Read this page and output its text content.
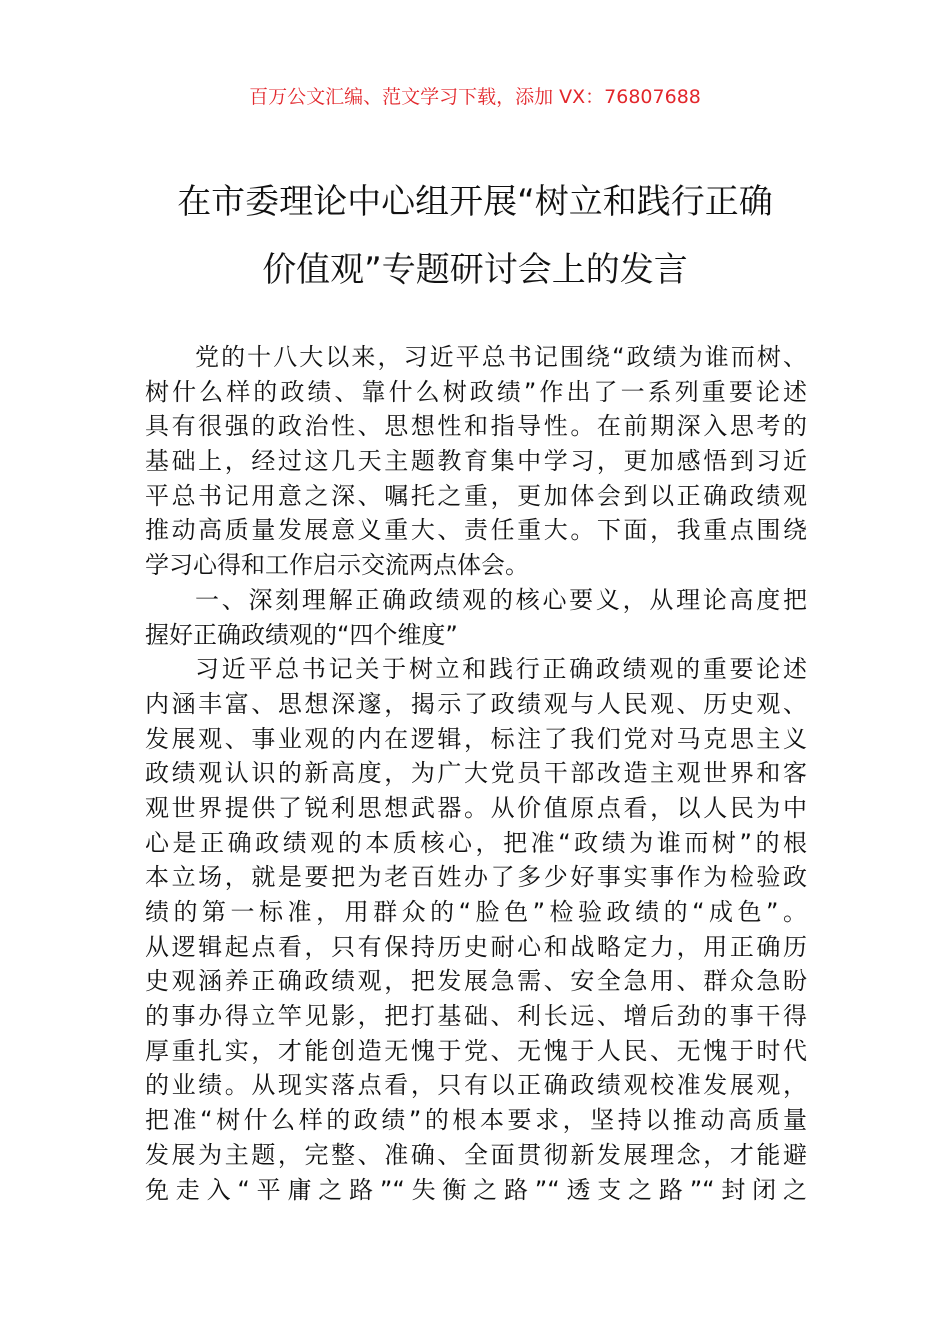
百万公文汇编、范文学习下载，添加 VX：76807688
在市委理论中心组开展“树立和践行正确
价值观”专题研讨会上的发言
党的十八大以来，习近平总书记围绕“政绩为谁而树、
树什么样的政绩、靠什么树政绩”作出了一系列重要论述
具有很强的政治性、思想性和指导性。在前期深入思考的
基础上，经过这几天主题教育集中学习，更加感悟到习近
平总书记用意之深、嘱托之重，更加体会到以正确政绩观
推动高质量发展意义重大、责任重大。下面，我重点围绕
学习心得和工作启示交流两点体会。
一、深刻理解正确政绩观的核心要义，从理论高度把
握好正确政绩观的“四个维度”
习近平总书记关于树立和践行正确政绩观的重要论述
内涵丰富、思想深邃，揭示了政绩观与人民观、历史观、
发展观、事业观的内在逻辑，标注了我们党对马克思主义
政绩观认识的新高度，为广大党员干部改造主观世界和客
观世界提供了锐利思想武器。从价值原点看，以人民为中
心是正确政绩观的本质核心，把准“政绩为谁而树”的根
本立场，就是要把为老百姓办了多少好事实事作为检验政
绩的第一标准，用群众的“脸色”检验政绩的“成色”。
从逻辑起点看，只有保持历史耐心和战略定力，用正确历
史观涵养正确政绩观，把发展急需、安全急用、群众急盼
的事办得立竿见影，把打基础、利长远、增后劲的事干得
厚重扎实，才能创造无愧于党、无愧于人民、无愧于时代
的业绩。从现实落点看，只有以正确政绩观校准发展观，
把准“树什么样的政绩”的根本要求，坚持以推动高质量
发展为主题，完整、准确、全面贯彻新发展理念，才能避
免走入“平庸之路”“失衡之路”“透支之路”“封闭之
